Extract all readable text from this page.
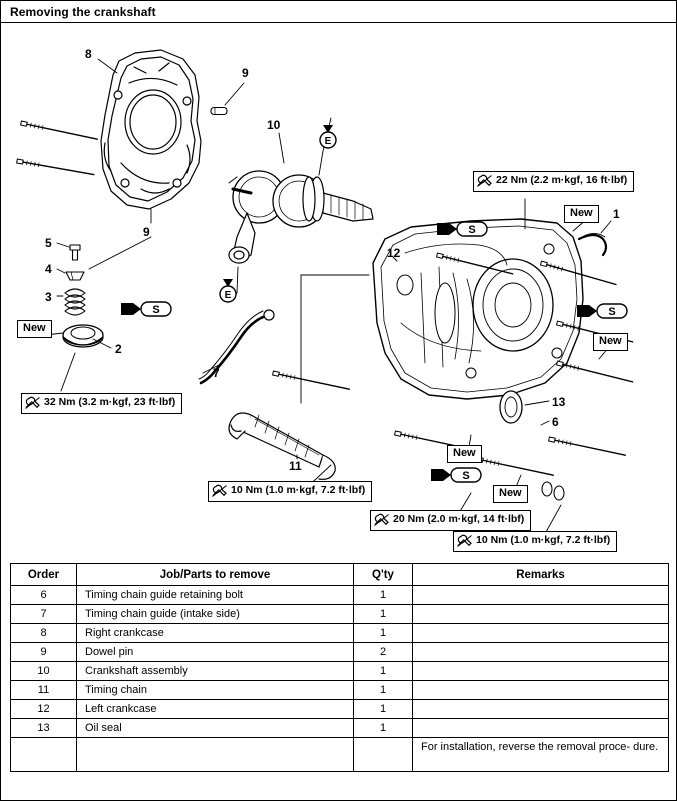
Removing the crankshaft
S
S
S
S
E
E
8
9
10
9
5
4
3
2
7
11
12
1
13
6
New
New
New
New
New
22 Nm (2.2 m·kgf, 16 ft·lbf)
32 Nm (3.2 m·kgf, 23 ft·lbf)
10 Nm (1.0 m·kgf, 7.2 ft·lbf)
20 Nm (2.0 m·kgf, 14 ft·lbf)
10 Nm (1.0 m·kgf, 7.2 ft·lbf)
Order	Job/Parts to remove	Q'ty	Remarks
6	Timing chain guide retaining bolt	1	
7	Timing chain guide (intake side)	1	
8	Right crankcase	1	
9	Dowel pin	2	
10	Crankshaft assembly	1	
11	Timing chain	1	
12	Left crankcase	1	
13	Oil seal	1	
			For installation, reverse the removal proce- dure.
